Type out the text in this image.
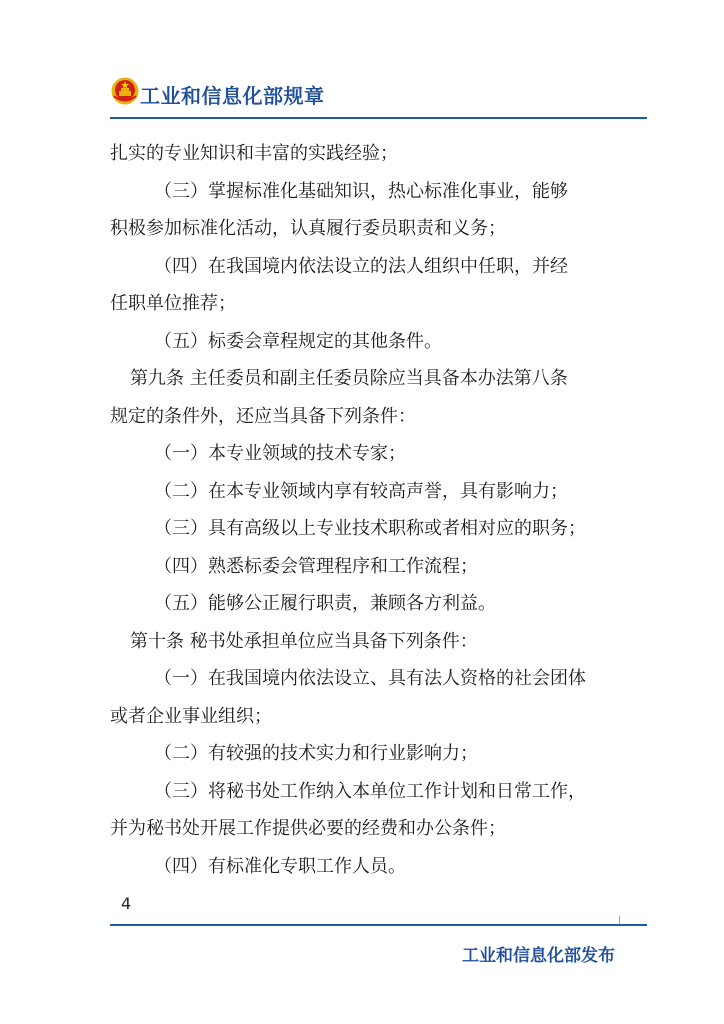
工业和信息化部规章
扎实的专业知识和丰富的实践经验；
（三）掌握标准化基础知识，热心标准化事业，能够
积极参加标准化活动，认真履行委员职责和义务；
（四）在我国境内依法设立的法人组织中任职，并经
任职单位推荐；
（五）标委会章程规定的其他条件。
第九条 主任委员和副主任委员除应当具备本办法第八条
规定的条件外，还应当具备下列条件：
（一）本专业领域的技术专家；
（二）在本专业领域内享有较高声誉，具有影响力；
（三）具有高级以上专业技术职称或者相对应的职务；
（四）熟悉标委会管理程序和工作流程；
（五）能够公正履行职责，兼顾各方利益。
第十条 秘书处承担单位应当具备下列条件：
（一）在我国境内依法设立、具有法人资格的社会团体
或者企业事业组织；
（二）有较强的技术实力和行业影响力；
（三）将秘书处工作纳入本单位工作计划和日常工作，
并为秘书处开展工作提供必要的经费和办公条件；
（四）有标准化专职工作人员。
4
工业和信息化部发布
